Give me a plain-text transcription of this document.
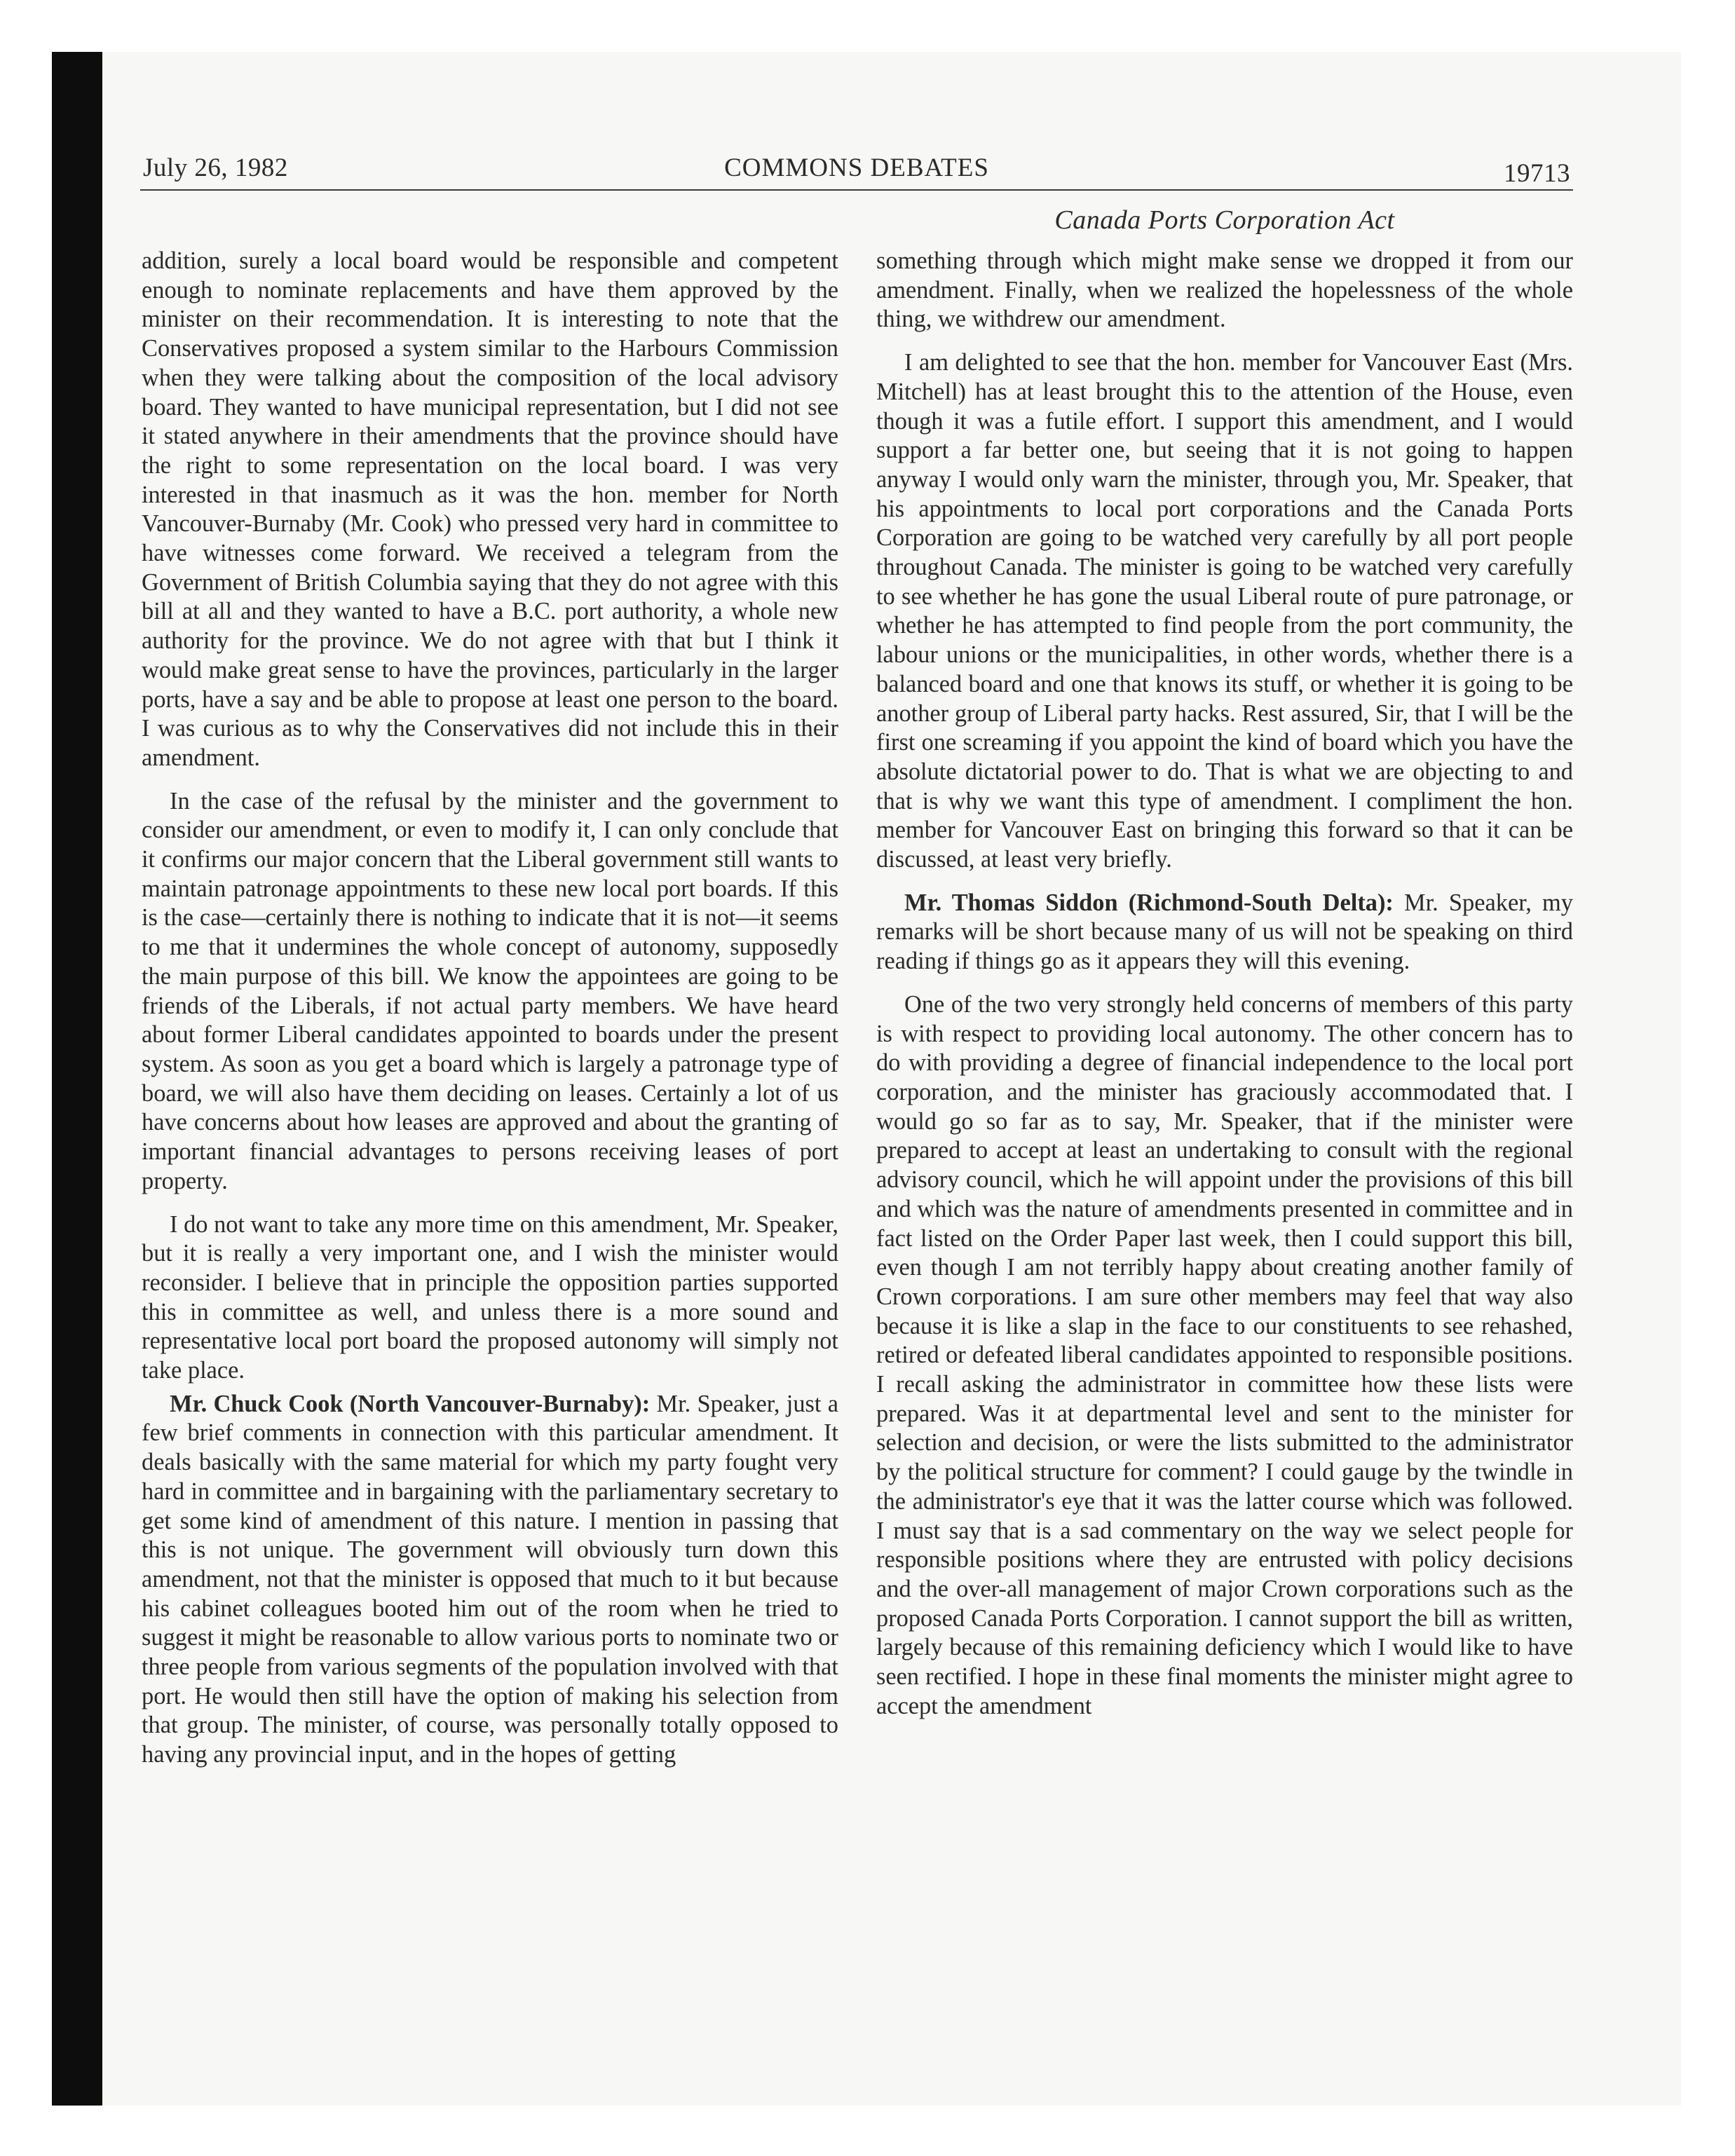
July 26, 1982	COMMONS DEBATES	19713
Canada Ports Corporation Act

addition, surely a local board would be responsible and competent enough to nominate replacements and have them approved by the minister on their recommendation. It is interesting to note that the Conservatives proposed a system similar to the Harbours Commission when they were talking about the composition of the local advisory board. They wanted to have municipal representation, but I did not see it stated anywhere in their amendments that the province should have the right to some representation on the local board. I was very interested in that inasmuch as it was the hon. member for North Vancouver-Burnaby (Mr. Cook) who pressed very hard in committee to have witnesses come forward. We received a telegram from the Government of British Columbia saying that they do not agree with this bill at all and they wanted to have a B.C. port authority, a whole new authority for the province. We do not agree with that but I think it would make great sense to have the provinces, particularly in the larger ports, have a say and be able to propose at least one person to the board. I was curious as to why the Conservatives did not include this in their amendment.

In the case of the refusal by the minister and the government to consider our amendment, or even to modify it, I can only conclude that it confirms our major concern that the Liberal government still wants to maintain patronage appointments to these new local port boards. If this is the case—certainly there is nothing to indicate that it is not—it seems to me that it undermines the whole concept of autonomy, supposedly the main purpose of this bill. We know the appointees are going to be friends of the Liberals, if not actual party members. We have heard about former Liberal candidates appointed to boards under the present system. As soon as you get a board which is largely a patronage type of board, we will also have them deciding on leases. Certainly a lot of us have concerns about how leases are approved and about the granting of important financial advantages to persons receiving leases of port property.

I do not want to take any more time on this amendment, Mr. Speaker, but it is really a very important one, and I wish the minister would reconsider. I believe that in principle the opposition parties supported this in committee as well, and unless there is a more sound and representative local port board the proposed autonomy will simply not take place.

Mr. Chuck Cook (North Vancouver-Burnaby): Mr. Speaker, just a few brief comments in connection with this particular amendment. It deals basically with the same material for which my party fought very hard in committee and in bargaining with the parliamentary secretary to get some kind of amendment of this nature. I mention in passing that this is not unique. The government will obviously turn down this amendment, not that the minister is opposed that much to it but because his cabinet colleagues booted him out of the room when he tried to suggest it might be reasonable to allow various ports to nominate two or three people from various segments of the population involved with that port. He would then still have the option of making his selection from that group. The minister, of course, was personally totally opposed to having any provincial input, and in the hopes of getting

something through which might make sense we dropped it from our amendment. Finally, when we realized the hopelessness of the whole thing, we withdrew our amendment.

I am delighted to see that the hon. member for Vancouver East (Mrs. Mitchell) has at least brought this to the attention of the House, even though it was a futile effort. I support this amendment, and I would support a far better one, but seeing that it is not going to happen anyway I would only warn the minister, through you, Mr. Speaker, that his appointments to local port corporations and the Canada Ports Corporation are going to be watched very carefully by all port people throughout Canada. The minister is going to be watched very carefully to see whether he has gone the usual Liberal route of pure patronage, or whether he has attempted to find people from the port community, the labour unions or the municipalities, in other words, whether there is a balanced board and one that knows its stuff, or whether it is going to be another group of Liberal party hacks. Rest assured, Sir, that I will be the first one screaming if you appoint the kind of board which you have the absolute dictatorial power to do. That is what we are objecting to and that is why we want this type of amendment. I compliment the hon. member for Vancouver East on bringing this forward so that it can be discussed, at least very briefly.

Mr. Thomas Siddon (Richmond-South Delta): Mr. Speaker, my remarks will be short because many of us will not be speaking on third reading if things go as it appears they will this evening.

One of the two very strongly held concerns of members of this party is with respect to providing local autonomy. The other concern has to do with providing a degree of financial independence to the local port corporation, and the minister has graciously accommodated that. I would go so far as to say, Mr. Speaker, that if the minister were prepared to accept at least an undertaking to consult with the regional advisory council, which he will appoint under the provisions of this bill and which was the nature of amendments presented in committee and in fact listed on the Order Paper last week, then I could support this bill, even though I am not terribly happy about creating another family of Crown corporations. I am sure other members may feel that way also because it is like a slap in the face to our constituents to see rehashed, retired or defeated liberal candidates appointed to responsible positions. I recall asking the administrator in committee how these lists were prepared. Was it at departmental level and sent to the minister for selection and decision, or were the lists submitted to the administrator by the political structure for comment? I could gauge by the twindle in the administrator's eye that it was the latter course which was followed. I must say that is a sad commentary on the way we select people for responsible positions where they are entrusted with policy decisions and the over-all management of major Crown corporations such as the proposed Canada Ports Corporation. I cannot support the bill as written, largely because of this remaining deficiency which I would like to have seen rectified. I hope in these final moments the minister might agree to accept the amendment
